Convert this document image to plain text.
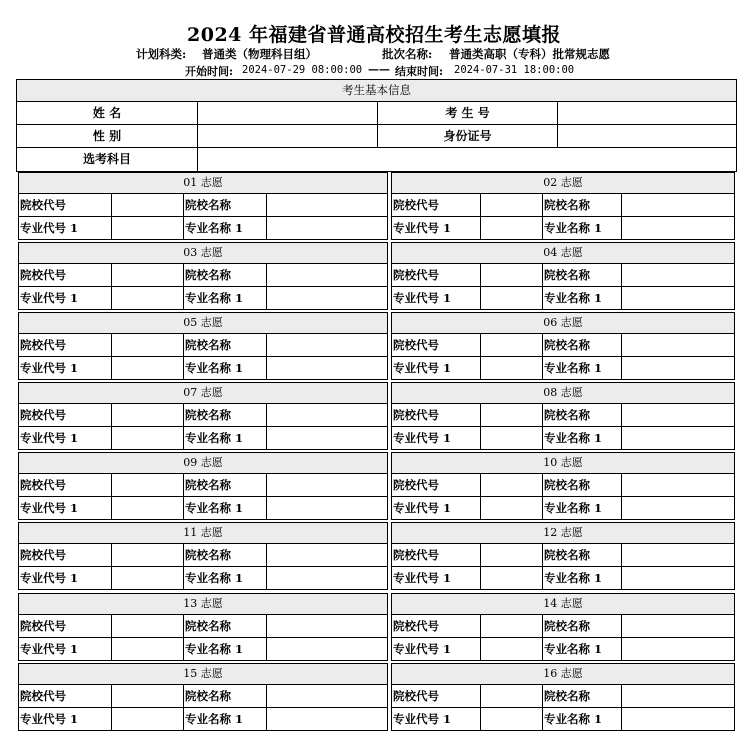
2024 年福建省普通高校招生考生志愿填报
计划科类: 普通类（物理科目组）	批次名称: 普通类高职（专科）批常规志愿
开始时间: 2024-07-29 08:00:00 —— 结束时间: 2024-07-31 18:00:00
考生基本信息
姓 名	考 生 号
性 别	身份证号
选考科目
01 志愿
院校代号	院校名称
专业代号 1	专业名称 1
02 志愿
院校代号	院校名称
专业代号 1	专业名称 1
03 志愿
院校代号	院校名称
专业代号 1	专业名称 1
04 志愿
院校代号	院校名称
专业代号 1	专业名称 1
05 志愿
院校代号	院校名称
专业代号 1	专业名称 1
06 志愿
院校代号	院校名称
专业代号 1	专业名称 1
07 志愿
院校代号	院校名称
专业代号 1	专业名称 1
08 志愿
院校代号	院校名称
专业代号 1	专业名称 1
09 志愿
院校代号	院校名称
专业代号 1	专业名称 1
10 志愿
院校代号	院校名称
专业代号 1	专业名称 1
11 志愿
院校代号	院校名称
专业代号 1	专业名称 1
12 志愿
院校代号	院校名称
专业代号 1	专业名称 1
13 志愿
院校代号	院校名称
专业代号 1	专业名称 1
14 志愿
院校代号	院校名称
专业代号 1	专业名称 1
15 志愿
院校代号	院校名称
专业代号 1	专业名称 1
16 志愿
院校代号	院校名称
专业代号 1	专业名称 1
